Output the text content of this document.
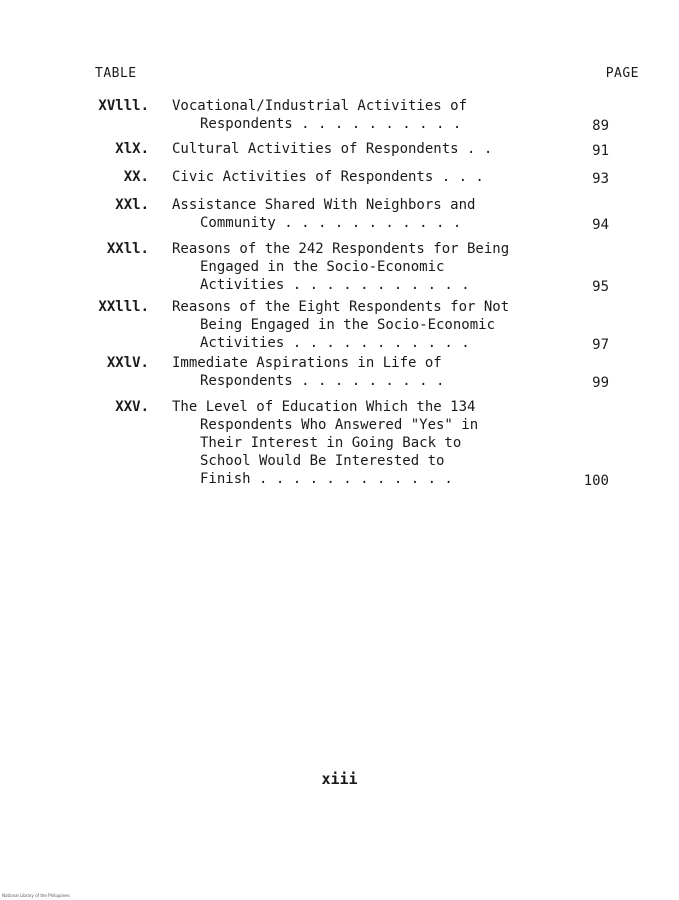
TABLE	PAGE
XVlll. Vocational/Industrial Activities of
Respondents . . . . . . . . . .	89
XlX. Cultural Activities of Respondents . .	91
XX. Civic Activities of Respondents . . .	93
XXl. Assistance Shared With Neighbors and
Community . . . . . . . . . . .	94
XXll. Reasons of the 242 Respondents for Being
Engaged in the Socio-Economic
Activities . . . . . . . . . . .	95
XXlll. Reasons of the Eight Respondents for Not
Being Engaged in the Socio-Economic
Activities . . . . . . . . . . .	97
XXlV. Immediate Aspirations in Life of
Respondents . . . . . . . . .	99
XXV. The Level of Education Which the 134
Respondents Who Answered "Yes" in
Their Interest in Going Back to
School Would Be Interested to
Finish . . . . . . . . . . . .	100
xiii
National Library of the Philippines
